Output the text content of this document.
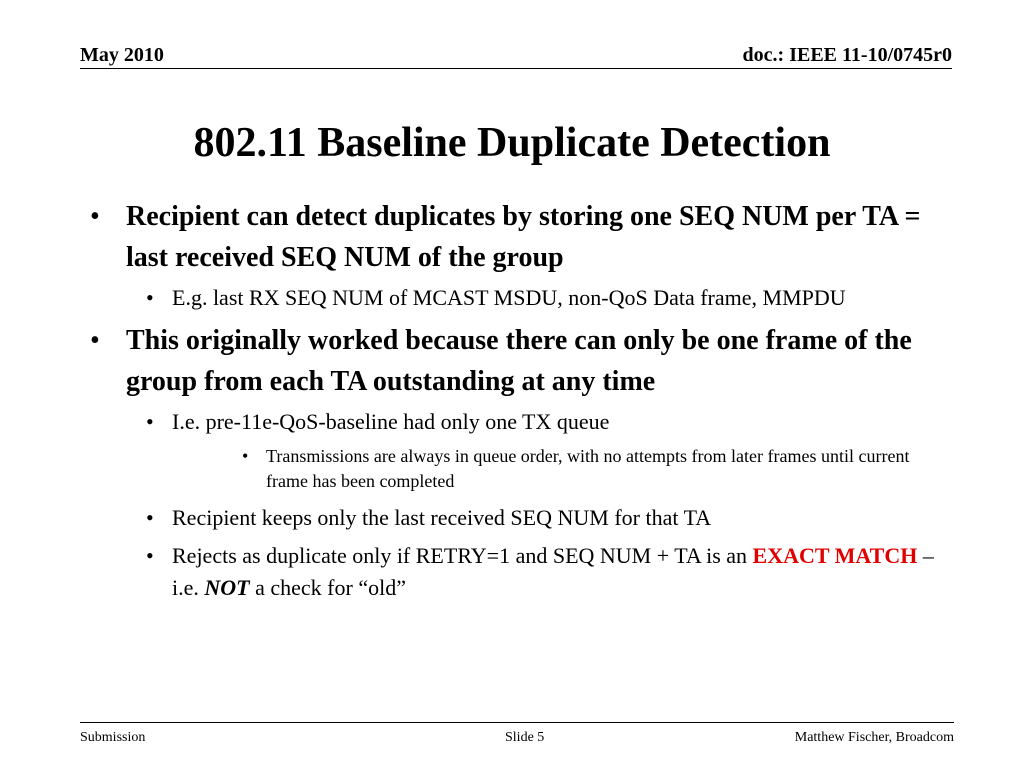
May 2010	doc.: IEEE 11-10/0745r0
802.11 Baseline Duplicate Detection
• Recipient can detect duplicates by storing one SEQ NUM per TA = last received SEQ NUM of the group
• E.g. last RX SEQ NUM of MCAST MSDU, non-QoS Data frame, MMPDU
• This originally worked because there can only be one frame of the group from each TA outstanding at any time
• I.e. pre-11e-QoS-baseline had only one TX queue
• Transmissions are always in queue order, with no attempts from later frames until current frame has been completed
• Recipient keeps only the last received SEQ NUM for that TA
• Rejects as duplicate only if RETRY=1 and SEQ NUM + TA is an EXACT MATCH – i.e. NOT a check for “old”
Submission	Slide 5	Matthew Fischer, Broadcom
